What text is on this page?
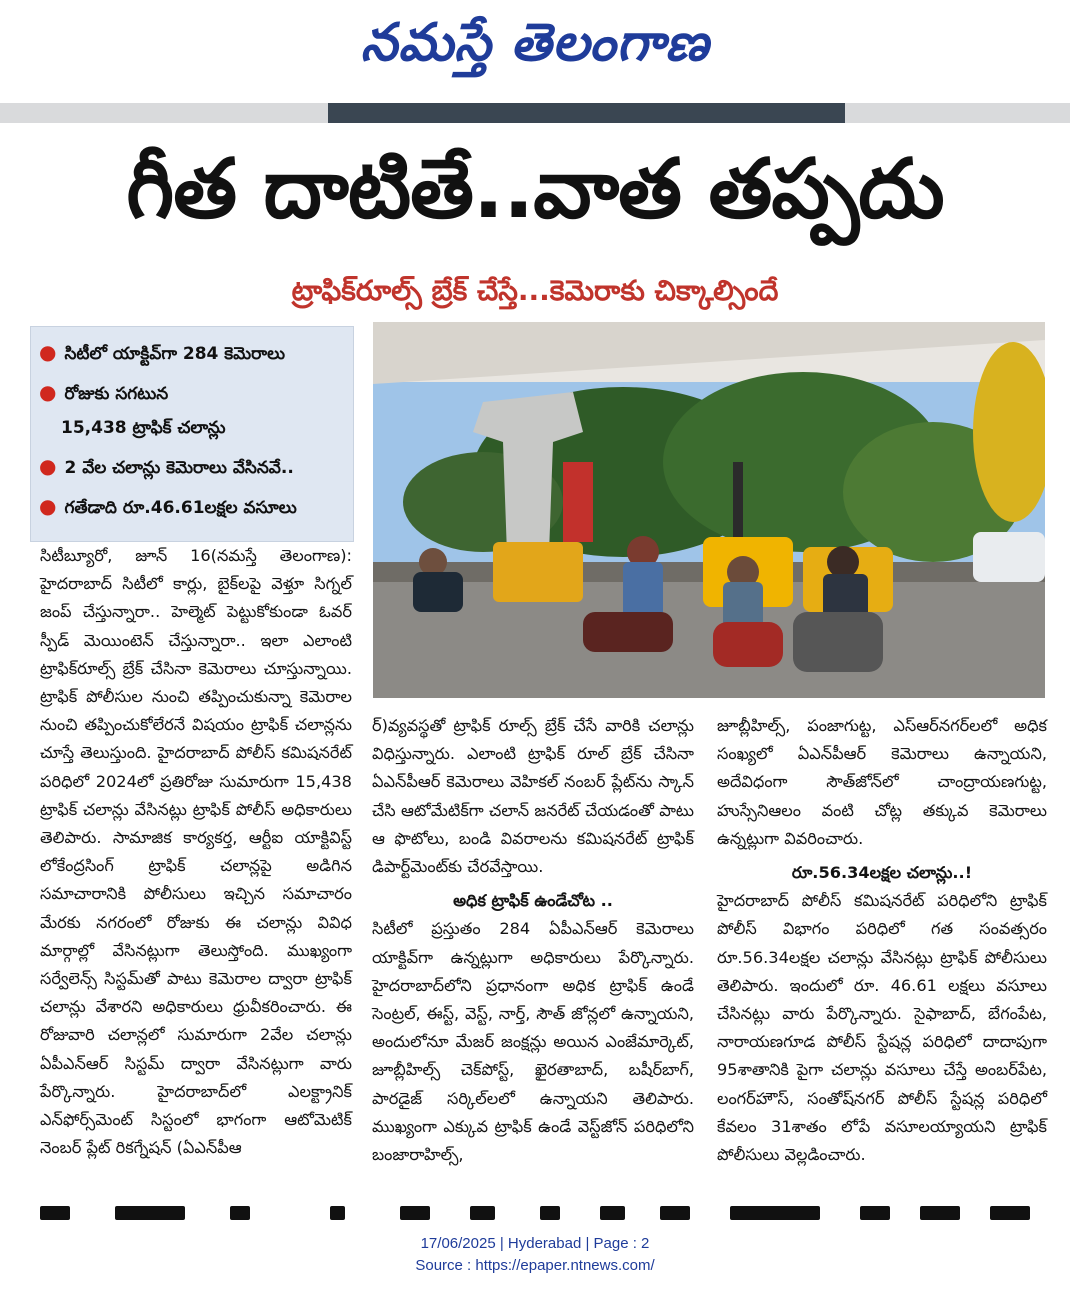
నమస్తే తెలంగాణ
గీత దాటితే..వాత తప్పదు
ట్రాఫిక్‌రూల్స్‌ బ్రేక్‌ చేస్తే...కెమెరాకు చిక్కాల్సిందే
● సిటీలో యాక్టివ్‌గా 284 కెమెరాలు
● రోజుకు సగటున
15,438 ట్రాఫిక్‌ చలాన్లు
● 2 వేల చలాన్లు కెమెరాలు వేసినవే..
● గతేడాది రూ.46.61లక్షల వసూలు

సిటీబ్యూరో, జూన్‌ 16(నమస్తే తెలంగాణ): హైదరాబాద్‌ సిటీలో కార్లు, బైక్‌లపై వెళ్తూ సిగ్నల్‌ జంప్‌ చేస్తున్నారా.. హెల్మెట్‌ పెట్టుకోకుండా ఓవర్‌ స్పీడ్‌ మెయింటెన్‌ చేస్తున్నారా.. ఇలా ఎలాంటి ట్రాఫిక్‌రూల్స్‌ బ్రేక్‌ చేసినా కెమెరాలు చూస్తున్నాయి. ట్రాఫిక్‌ పోలీసుల నుంచి తప్పించుకున్నా కెమెరాల నుంచి తప్పించుకోలేరనే విషయం ట్రాఫిక్‌ చలాన్లను చూస్తే తెలుస్తుంది. హైదరాబాద్‌ పోలీస్‌ కమిషనరేట్‌ పరిధిలో 2024లో ప్రతిరోజు సుమారుగా 15,438 ట్రాఫిక్‌ చలాన్లు వేసినట్లు ట్రాఫిక్‌ పోలీస్‌ అధికారులు తెలిపారు. సామాజిక కార్యకర్త, ఆర్టీఐ యాక్టివిస్ట్‌ లోకేంద్రసింగ్‌ ట్రాఫిక్‌ చలాన్లపై అడిగిన సమాచారానికి పోలీసులు ఇచ్చిన సమాచారం మేరకు నగరంలో రోజుకు ఈ చలాన్లు వివిధ మార్గాల్లో వేసినట్లుగా తెలుస్తోంది. ముఖ్యంగా సర్వేలెన్స్‌ సిస్టమ్‌తో పాటు కెమెరాల ద్వారా ట్రాఫిక్‌ చలాన్లు వేశారని అధికారులు ధ్రువీకరించారు. ఈ రోజువారి చలాన్లలో సుమారుగా 2వేల చలాన్లు ఏపీఎన్‌ఆర్‌ సిస్టమ్‌ ద్వారా వేసినట్లుగా వారు పేర్కొన్నారు. హైదరాబాద్‌లో ఎలక్ట్రానిక్‌ ఎన్‌ఫోర్స్‌మెంట్‌ సిస్టంలో భాగంగా ఆటోమెటిక్‌ నెంబర్‌ ప్లేట్‌ రికగ్నేషన్‌ (ఏఎన్‌పీఆ

ర్‌)వ్యవస్థతో ట్రాఫిక్‌ రూల్స్‌ బ్రేక్‌ చేసే వారికి చలాన్లు విధిస్తున్నారు. ఎలాంటి ట్రాఫిక్‌ రూల్‌ బ్రేక్‌ చేసినా ఏఎన్‌పీఆర్‌ కెమెరాలు వెహికల్‌ నంబర్‌ ప్లేట్‌ను స్కాన్‌ చేసి ఆటోమేటిక్‌గా చలాన్‌ జనరేట్‌ చేయడంతో పాటు ఆ ఫొటోలు, బండి వివరాలను కమిషనరేట్‌ ట్రాఫిక్‌ డిపార్ట్‌మెంట్‌కు చేరవేస్తాయి.

అధిక ట్రాఫిక్‌ ఉండేచోట ..

సిటీలో ప్రస్తుతం 284 ఏపీఎన్‌ఆర్‌ కెమెరాలు యాక్టివ్‌గా ఉన్నట్లుగా అధికారులు పేర్కొన్నారు. హైదరాబాద్‌లోని ప్రధానంగా అధిక ట్రాఫిక్‌ ఉండే సెంట్రల్‌, ఈస్ట్‌, వెస్ట్‌, నార్త్‌, సౌత్‌ జోన్లలో ఉన్నాయని, అందులోనూ మేజర్‌ జంక్షన్లు అయిన ఎంజేమార్కెట్‌, జూబ్లీహిల్స్‌ చెక్‌పోస్ట్‌, ఖైరతాబాద్‌, బషీర్‌బాగ్‌, పారడైజ్‌ సర్కిల్‌లలో ఉన్నాయని తెలిపారు. ముఖ్యంగా ఎక్కువ ట్రాఫిక్‌ ఉండే వెస్ట్‌జోన్‌ పరిధిలోని బంజారాహిల్స్‌,

జూబ్లీహిల్స్‌, పంజాగుట్ట, ఎస్‌ఆర్‌నగర్‌లలో అధిక సంఖ్యలో ఏఎన్‌పీఆర్‌ కెమెరాలు ఉన్నాయని, అదేవిధంగా సౌత్‌జోన్‌లో చాంద్రాయణగుట్ట, హుస్సేనిఆలం వంటి చోట్ల తక్కువ కెమెరాలు ఉన్నట్లుగా వివరించారు.

రూ.56.34లక్షల చలాన్లు..!

హైదరాబాద్‌ పోలీస్‌ కమిషనరేట్‌ పరిధిలోని ట్రాఫిక్‌ పోలీస్‌ విభాగం పరిధిలో గత సంవత్సరం రూ.56.34లక్షల చలాన్లు వేసినట్లు ట్రాఫిక్‌ పోలీసులు తెలిపారు. ఇందులో రూ. 46.61 లక్షలు వసూలు చేసినట్లు వారు పేర్కొన్నారు. సైఫాబాద్‌, బేగంపేట, నారాయణగూడ పోలీస్‌ స్టేషన్ల పరిధిలో దాదాపుగా 95శాతానికి పైగా చలాన్లు వసూలు చేస్తే అంబర్‌పేట, లంగర్‌హౌస్‌, సంతోష్‌నగర్‌ పోలీస్‌ స్టేషన్ల పరిధిలో కేవలం 31శాతం లోపే వసూలయ్యాయని ట్రాఫిక్‌ పోలీసులు వెల్లడించారు.

17/06/2025 | Hyderabad | Page : 2
Source : https://epaper.ntnews.com/
